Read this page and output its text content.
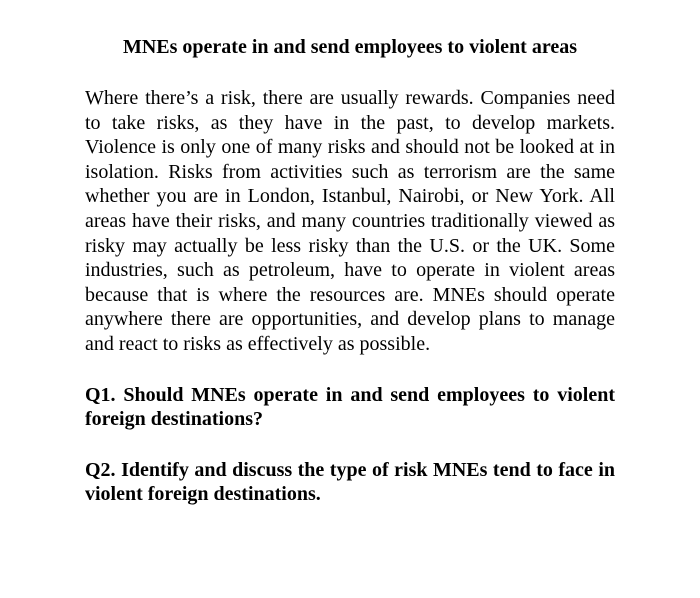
MNEs operate in and send employees to violent areas

Where there’s a risk, there are usually rewards. Companies need to take risks, as they have in the past, to develop markets. Violence is only one of many risks and should not be looked at in isolation. Risks from activities such as terrorism are the same whether you are in London, Istanbul, Nairobi, or New York. All areas have their risks, and many countries traditionally viewed as risky may actually be less risky than the U.S. or the UK. Some industries, such as petroleum, have to operate in violent areas because that is where the resources are. MNEs should operate anywhere there are opportunities, and develop plans to manage and react to risks as effectively as possible.

Q1. Should MNEs operate in and send employees to violent foreign destinations?

Q2. Identify and discuss the type of risk MNEs tend to face in violent foreign destinations.
